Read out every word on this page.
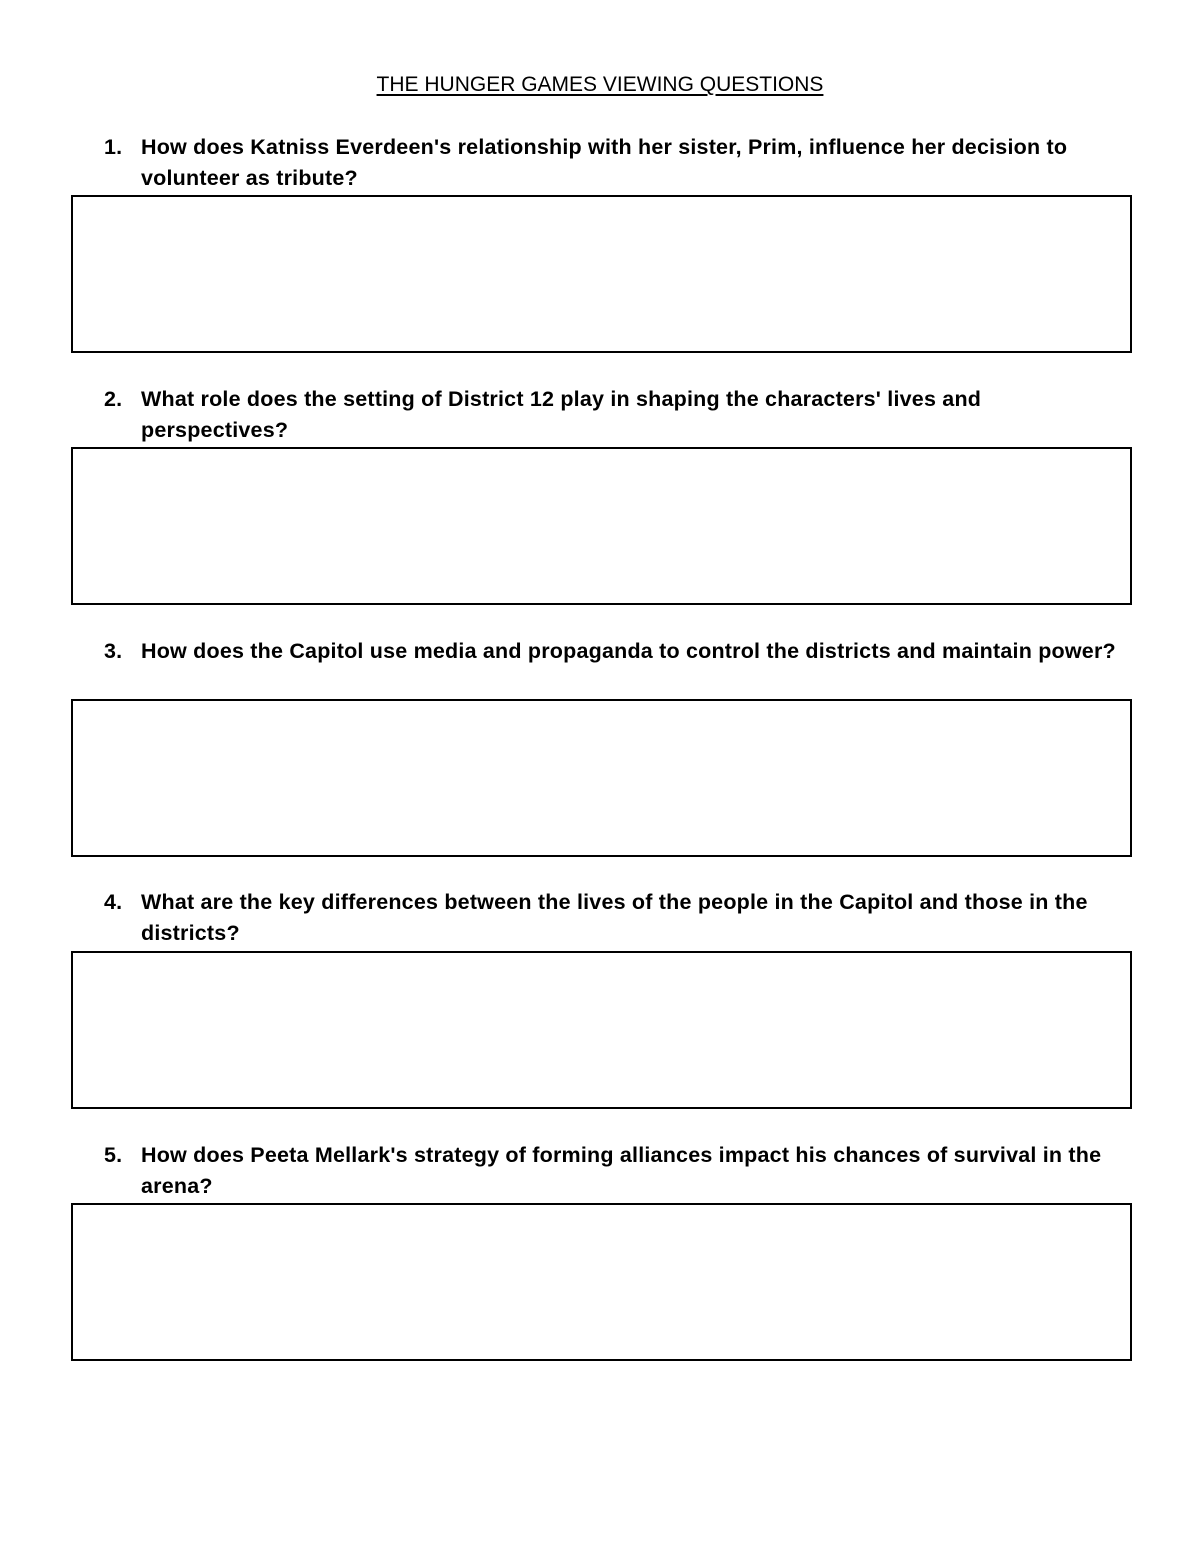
THE HUNGER GAMES VIEWING QUESTIONS
1. How does Katniss Everdeen's relationship with her sister, Prim, influence her decision to volunteer as tribute?
2. What role does the setting of District 12 play in shaping the characters' lives and perspectives?
3. How does the Capitol use media and propaganda to control the districts and maintain power?
4. What are the key differences between the lives of the people in the Capitol and those in the districts?
5. How does Peeta Mellark's strategy of forming alliances impact his chances of survival in the arena?
